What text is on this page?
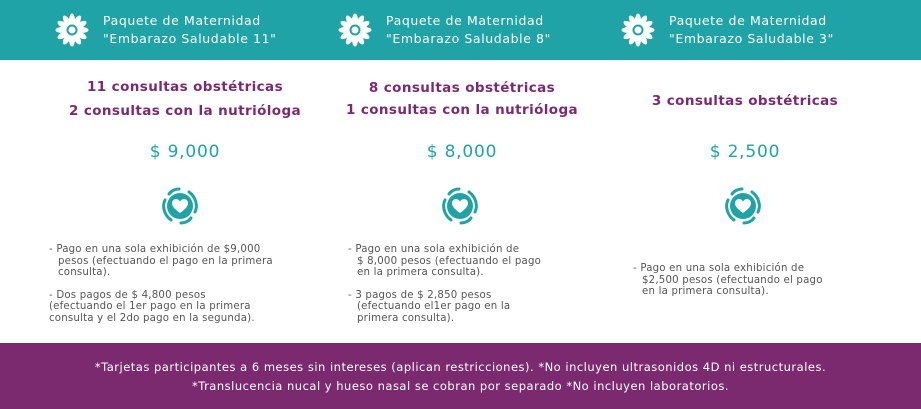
Paquete de Maternidad
"Embarazo Saludable 11"
Paquete de Maternidad
"Embarazo Saludable 8"
Paquete de Maternidad
"Embarazo Saludable 3"
11 consultas obstétricas
2 consultas con la nutrióloga
$ 9,000
- Pago en una sola exhibición de $9,000
pesos (efectuando el pago en la primera
consulta).
- Dos pagos de $ 4,800 pesos
(efectuando el 1er pago en la primera
consulta y el 2do pago en la segunda).
8 consultas obstétricas
1 consultas con la nutrióloga
$ 8,000
- Pago en una sola exhibición de
$ 8,000 pesos (efectuando el pago
en la primera consulta).
- 3 pagos de $ 2,850 pesos
(efectuando el1er pago en la
primera consulta).
3 consultas obstétricas
$ 2,500
- Pago en una sola exhibición de
$2,500 pesos (efectuando el pago
en la primera consulta).
*Tarjetas participantes a 6 meses sin intereses (aplican restricciones). *No incluyen ultrasonidos 4D ni estructurales.
*Translucencia nucal y hueso nasal se cobran por separado *No incluyen laboratorios.
